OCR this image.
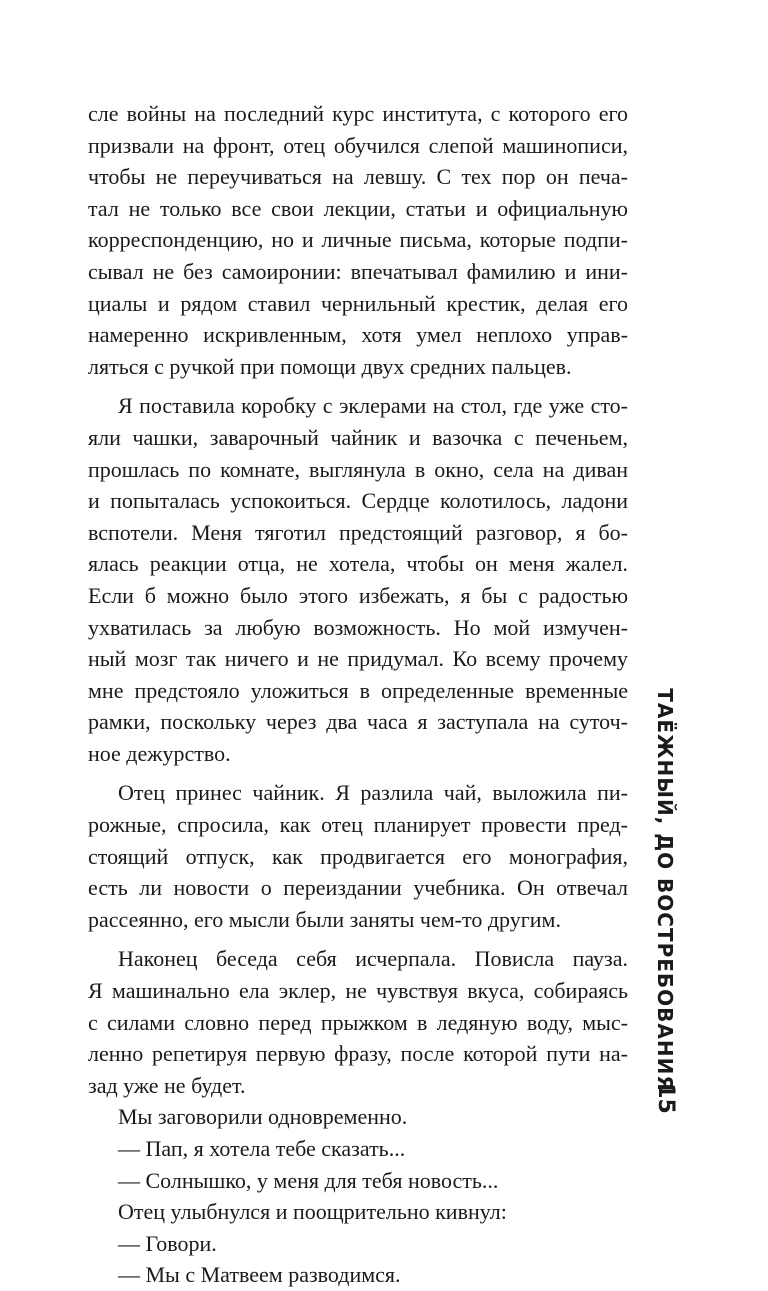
сле войны на последний курс института, с которого его
призвали на фронт, отец обучился слепой машинописи,
чтобы не переучиваться на левшу. С тех пор он печа-
тал не только все свои лекции, статьи и официальную
корреспонденцию, но и личные письма, которые подпи-
сывал не без самоиронии: впечатывал фамилию и ини-
циалы и рядом ставил чернильный крестик, делая его
намеренно искривленным, хотя умел неплохо управ-
ляться с ручкой при помощи двух средних пальцев.
Я поставила коробку с эклерами на стол, где уже сто-
яли чашки, заварочный чайник и вазочка с печеньем,
прошлась по комнате, выглянула в окно, села на диван
и попыталась успокоиться. Сердце колотилось, ладони
вспотели. Меня тяготил предстоящий разговор, я бо-
ялась реакции отца, не хотела, чтобы он меня жалел.
Если б можно было этого избежать, я бы с радостью
ухватилась за любую возможность. Но мой измучен-
ный мозг так ничего и не придумал. Ко всему прочему
мне предстояло уложиться в определенные временные
рамки, поскольку через два часа я заступала на суточ-
ное дежурство.
Отец принес чайник. Я разлила чай, выложила пи-
рожные, спросила, как отец планирует провести пред-
стоящий отпуск, как продвигается его монография,
есть ли новости о переиздании учебника. Он отвечал
рассеянно, его мысли были заняты чем-то другим.
Наконец беседа себя исчерпала. Повисла пауза.
Я машинально ела эклер, не чувствуя вкуса, собираясь
с силами словно перед прыжком в ледяную воду, мыс-
ленно репетируя первую фразу, после которой пути на-
зад уже не будет.
Мы заговорили одновременно.
— Пап, я хотела тебе сказать...
— Солнышко, у меня для тебя новость...
Отец улыбнулся и поощрительно кивнул:
— Говори.
— Мы с Матвеем разводимся.
ТАЁЖНЫЙ, ДО ВОСТРЕБОВАНИЯ
15
